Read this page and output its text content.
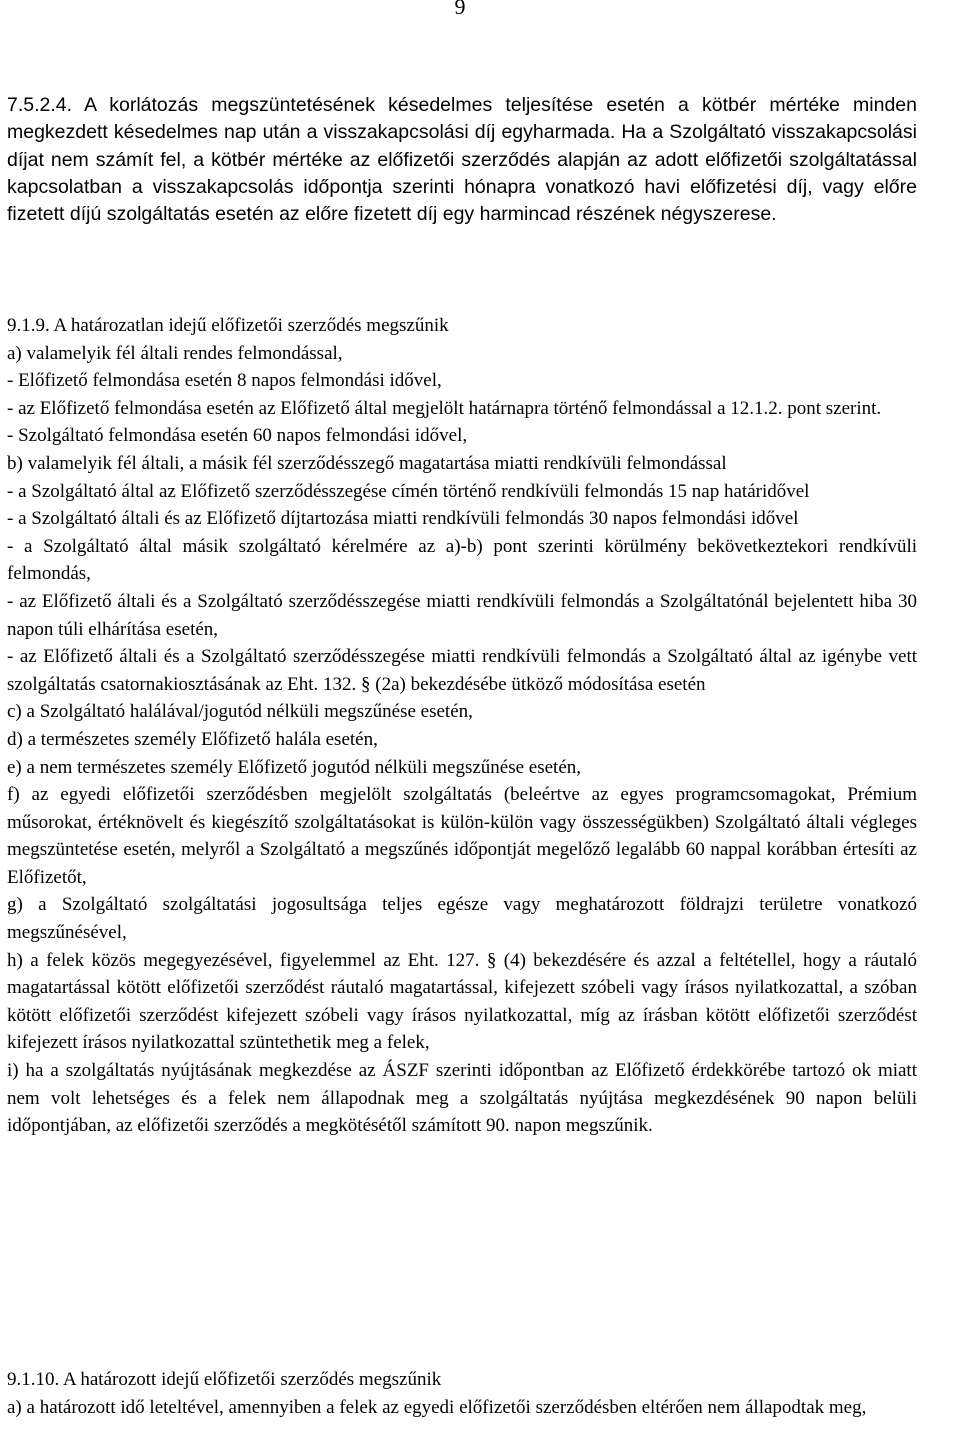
9
7.5.2.4. A korlátozás megszüntetésének késedelmes teljesítése esetén a kötbér mértéke minden megkezdett késedelmes nap után a visszakapcsolási díj egyharmada. Ha a Szolgáltató visszakapcsolási díjat nem számít fel, a kötbér mértéke az előfizetői szerződés alapján az adott előfizetői szolgáltatással kapcsolatban a visszakapcsolás időpontja szerinti hónapra vonatkozó havi előfizetési díj, vagy előre fizetett díjú szolgáltatás esetén az előre fizetett díj egy harmincad részének négyszerese.
9.1.9. A határozatlan idejű előfizetői szerződés megszűnik
a) valamelyik fél általi rendes felmondással,
- Előfizető felmondása esetén 8 napos felmondási idővel,
- az Előfizető felmondása esetén az Előfizető által megjelölt határnapra történő felmondással a 12.1.2. pont szerint.
- Szolgáltató felmondása esetén 60 napos felmondási idővel,
b) valamelyik fél általi, a másik fél szerződésszegő magatartása miatti rendkívüli felmondással
- a Szolgáltató által az Előfizető szerződésszegése címén történő rendkívüli felmondás 15 nap határidővel
- a Szolgáltató általi és az Előfizető díjtartozása miatti rendkívüli felmondás 30 napos felmondási idővel
- a Szolgáltató által másik szolgáltató kérelmére az a)-b) pont szerinti körülmény bekövetkeztekori rendkívüli felmondás,
- az Előfizető általi és a Szolgáltató szerződésszegése miatti rendkívüli felmondás a Szolgáltatónál bejelentett hiba 30 napon túli elhárítása esetén,
- az Előfizető általi és a Szolgáltató szerződésszegése miatti rendkívüli felmondás a Szolgáltató által az igénybe vett szolgáltatás csatornakiosztásának az Eht. 132. § (2a) bekezdésébe ütköző módosítása esetén
c) a Szolgáltató halálával/jogutód nélküli megszűnése esetén,
d) a természetes személy Előfizető halála esetén,
e) a nem természetes személy Előfizető jogutód nélküli megszűnése esetén,
f) az egyedi előfizetői szerződésben megjelölt szolgáltatás (beleértve az egyes programcsomagokat, Prémium műsorokat, értéknövelt és kiegészítő szolgáltatásokat is külön-külön vagy összességükben) Szolgáltató általi végleges megszüntetése esetén, melyről a Szolgáltató a megszűnés időpontját megelőző legalább 60 nappal korábban értesíti az Előfizetőt,
g) a Szolgáltató szolgáltatási jogosultsága teljes egésze vagy meghatározott földrajzi területre vonatkozó megszűnésével,
h) a felek közös megegyezésével, figyelemmel az Eht. 127. § (4) bekezdésére és azzal a feltétellel, hogy a ráutaló magatartással kötött előfizetői szerződést ráutaló magatartással, kifejezett szóbeli vagy írásos nyilatkozattal, a szóban kötött előfizetői szerződést kifejezett szóbeli vagy írásos nyilatkozattal, míg az írásban kötött előfizetői szerződést kifejezett írásos nyilatkozattal szüntethetik meg a felek,
i) ha a szolgáltatás nyújtásának megkezdése az ÁSZF szerinti időpontban az Előfizető érdekkörébe tartozó ok miatt nem volt lehetséges és a felek nem állapodnak meg a szolgáltatás nyújtása megkezdésének 90 napon belüli időpontjában, az előfizetői szerződés a megkötésétől számított 90. napon megszűnik.
9.1.10. A határozott idejű előfizetői szerződés megszűnik
a) a határozott idő leteltével, amennyiben a felek az egyedi előfizetői szerződésben eltérően nem állapodtak meg,
